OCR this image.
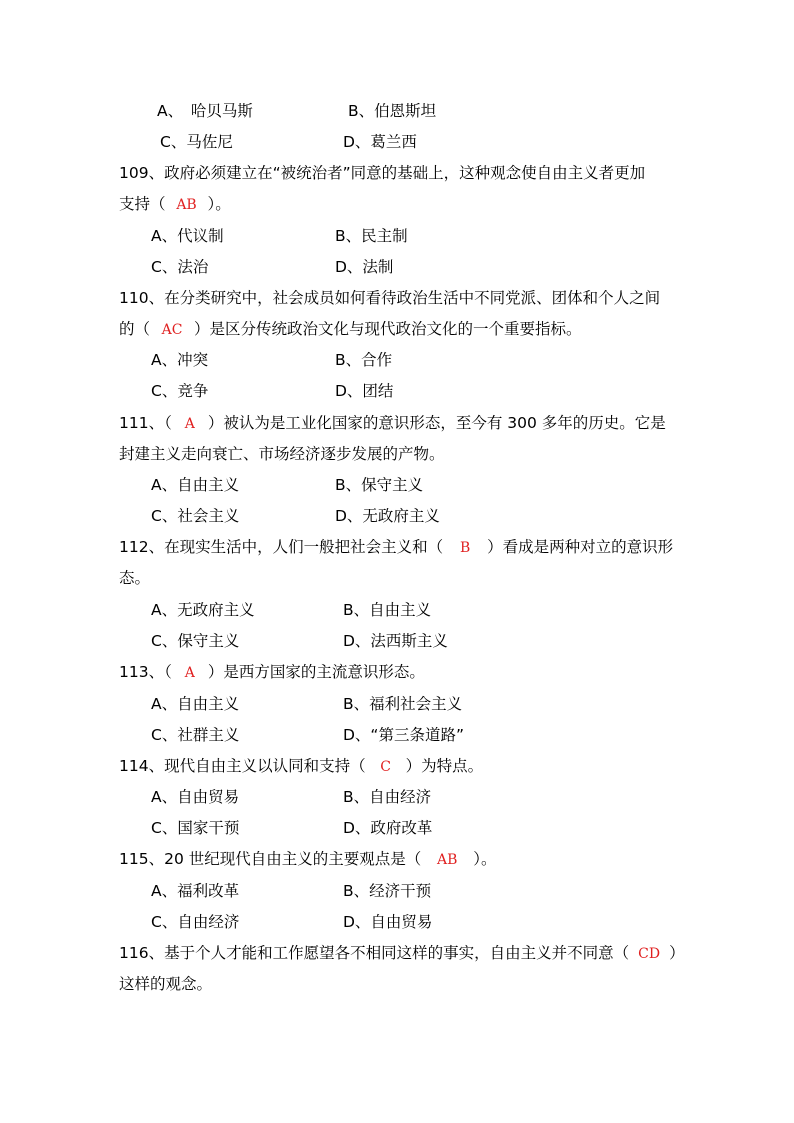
A、　哈贝马斯	B、伯恩斯坦
C、马佐尼	D、葛兰西
109、政府必须建立在“被统治者”同意的基础上，这种观念使自由主义者更加
支持（ AB ）。
A、代议制	B、民主制
C、法治	D、法制
110、在分类研究中，社会成员如何看待政治生活中不同党派、团体和个人之间
的（ AC ）是区分传统政治文化与现代政治文化的一个重要指标。
A、冲突	B、合作
C、竞争	D、团结
111、（ A ）被认为是工业化国家的意识形态，至今有 300 多年的历史。它是
封建主义走向衰亡、市场经济逐步发展的产物。
A、自由主义	B、保守主义
C、社会主义	D、无政府主义
112、在现实生活中，人们一般把社会主义和（ B ）看成是两种对立的意识形
态。
A、无政府主义	B、自由主义
C、保守主义	D、法西斯主义
113、（ A ）是西方国家的主流意识形态。
A、自由主义	B、福利社会主义
C、社群主义	D、“第三条道路”
114、现代自由主义以认同和支持（ C ）为特点。
A、自由贸易	B、自由经济
C、国家干预	D、政府改革
115、20 世纪现代自由主义的主要观点是（ AB ）。
A、福利改革	B、经济干预
C、自由经济	D、自由贸易
116、基于个人才能和工作愿望各不相同这样的事实，自由主义并不同意（ CD ）
这样的观念。
